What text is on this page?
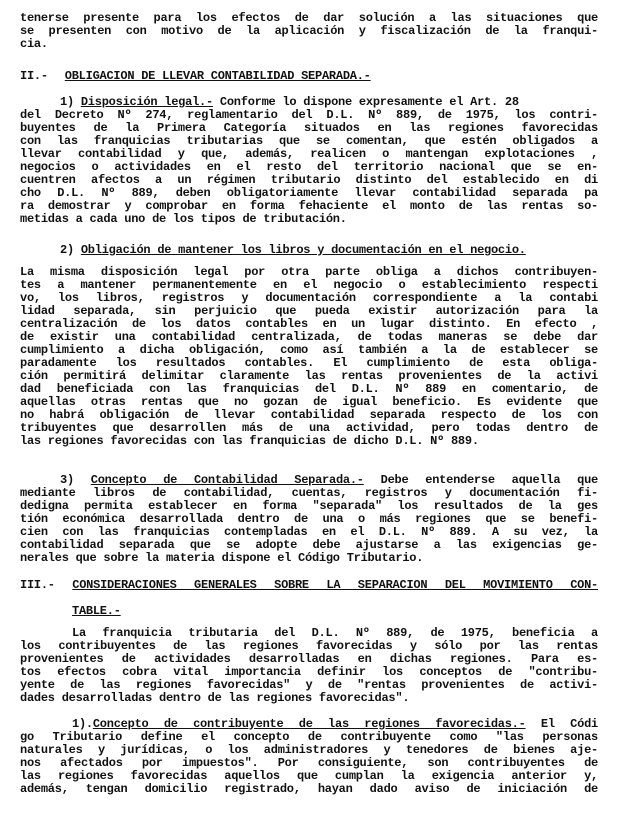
tenerse presente para los efectos de dar solución a las situaciones que
se presenten con motivo de la aplicación y fiscalización de la franqui-
cia.
II.- OBLIGACION DE LLEVAR CONTABILIDAD SEPARADA.-
1) Disposición legal.- Conforme lo dispone expresamente el Art. 28
del Decreto Nº 274, reglamentario del D.L. Nº 889, de 1975, los contri-
buyentes de la Primera Categoría situados en las regiones favorecidas
con las franquicias tributarias que se comentan, que estén obligados a
llevar contabilidad y que, además, realicen o mantengan explotaciones ,
negocios o actividades en el resto del territorio nacional que se en-
cuentren afectos a un régimen tributario distinto del establecido en di
cho D.L. Nº 889, deben obligatoriamente llevar contabilidad separada pa
ra demostrar y comprobar en forma fehaciente el monto de las rentas so-
metidas a cada uno de los tipos de tributación.
2) Obligación de mantener los libros y documentación en el negocio.
La misma disposición legal por otra parte obliga a dichos contribuyen-
tes a mantener permanentemente en el negocio o establecimiento respecti
vo, los libros, registros y documentación correspondiente a la contabi
lidad separada, sin perjuicio que pueda existir autorización para la
centralización de los datos contables en un lugar distinto. En efecto ,
de existir una contabilidad centralizada, de todas maneras se debe dar
cumplimiento a dicha obligación, como así también a la de establecer se
paradamente los resultados contables. El cumplimiento de esta obliga-
ción permitirá delimitar claramente las rentas provenientes de la activi
dad beneficiada con las franquicias del D.L. Nº 889 en comentario, de
aquellas otras rentas que no gozan de igual beneficio. Es evidente que
no habrá obligación de llevar contabilidad separada respecto de los con
tribuyentes que desarrollen más de una actividad, pero todas dentro de
las regiones favorecidas con las franquicias de dicho D.L. Nº 889.
3) Concepto de Contabilidad Separada.- Debe entenderse aquella que
mediante libros de contabilidad, cuentas, registros y documentación fi-
dedigna permita establecer en forma "separada" los resultados de la ges
tión económica desarrollada dentro de una o más regiones que se benefi-
cien con las franquicias contempladas en el D.L. Nº 889. A su vez, la
contabilidad separada que se adopte debe ajustarse a las exigencias ge-
nerales que sobre la materia dispone el Código Tributario.
III.- CONSIDERACIONES GENERALES SOBRE LA SEPARACION DEL MOVIMIENTO CON-
TABLE.-
La franquicia tributaria del D.L. Nº 889, de 1975, beneficia a
los contribuyentes de las regiones favorecidas y sólo por las rentas
provenientes de actividades desarrolladas en dichas regiones. Para es-
tos efectos cobra vital importancia definir los conceptos de "contribu-
yente de las regiones favorecidas" y de "rentas provenientes de activi-
dades desarrolladas dentro de las regiones favorecidas".
1).Concepto de contribuyente de las regiones favorecidas.- El Códi
go Tributario define el concepto de contribuyente como "las personas
naturales y jurídicas, o los administradores y tenedores de bienes aje-
nos afectados por impuestos". Por consiguiente, son contribuyentes de
las regiones favorecidas aquellos que cumplan la exigencia anterior y,
además, tengan domicilio registrado, hayan dado aviso de iniciación de
